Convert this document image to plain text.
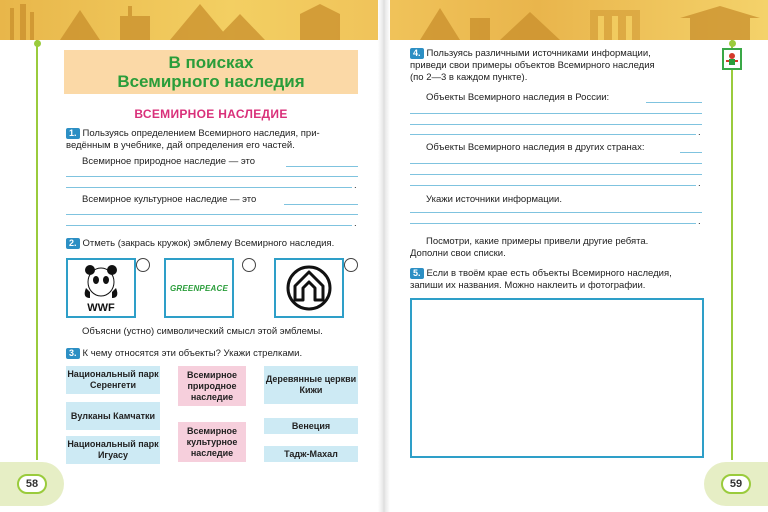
В поисках
Всемирного наследия
ВСЕМИРНОЕ НАСЛЕДИЕ
1. Пользуясь определением Всемирного наследия, при-
ведённым в учебнике, дай определения его частей.
Всемирное природное наследие — это
.
Всемирное культурное наследие — это
.
2. Отметь (закрась кружок) эмблему Всемирного наследия.
WWF
GREENPEACE
Объясни (устно) символический смысл этой эмблемы.
3. К чему относятся эти объекты? Укажи стрелками.
Национальный парк Серенгети
Вулканы Камчатки
Национальный парк Игуасу
Всемирное природное наследие
Всемирное культурное наследие
Деревянные церкви Кижи
Венеция
Тадж-Махал
58
4. Пользуясь различными источниками информации,
приведи свои примеры объектов Всемирного наследия
(по 2—3 в каждом пункте).
Объекты Всемирного наследия в России:
.
Объекты Всемирного наследия в других странах:
.
Укажи источники информации.
.
Посмотри, какие примеры привели другие ребята.
Дополни свои списки.
5. Если в твоём крае есть объекты Всемирного наследия,
запиши их названия. Можно наклеить и фотографии.
59
